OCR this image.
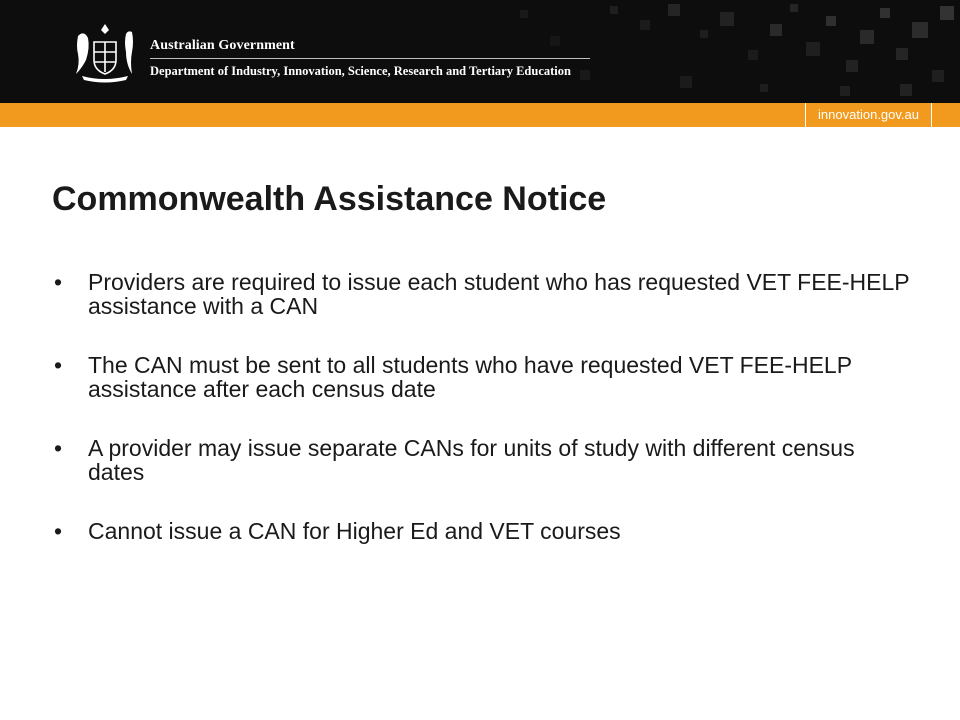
Australian Government
Department of Industry, Innovation, Science, Research and Tertiary Education
innovation.gov.au
Commonwealth Assistance Notice
• Providers are required to issue each student who has requested VET FEE-HELP assistance with a CAN
• The CAN must be sent to all students who have requested VET FEE-HELP assistance after each census date
• A provider may issue separate CANs for units of study with different census dates
• Cannot issue a CAN for Higher Ed and VET courses
